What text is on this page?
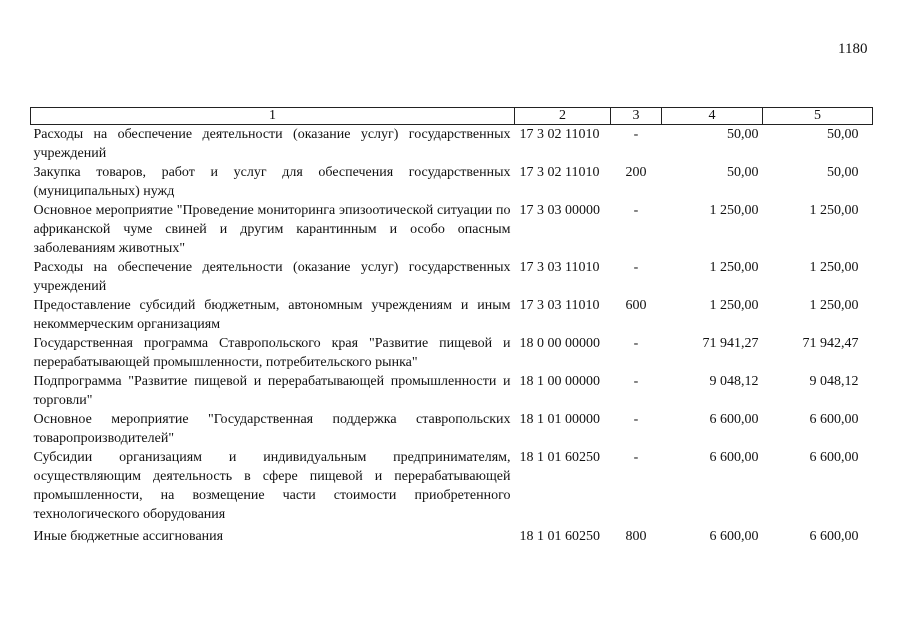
1180
1	2	3	4	5
Расходы на обеспечение деятельности (оказание услуг) государственных учреждений	17 3 02 11010	-	50,00	50,00
Закупка товаров, работ и услуг для обеспечения государственных (муниципальных) нужд	17 3 02 11010	200	50,00	50,00
Основное мероприятие "Проведение мониторинга эпизоотической ситуации по африканской чуме свиней и другим карантинным и особо опасным заболеваниям животных"	17 3 03 00000	-	1 250,00	1 250,00
Расходы на обеспечение деятельности (оказание услуг) государственных учреждений	17 3 03 11010	-	1 250,00	1 250,00
Предоставление субсидий бюджетным, автономным учреждениям и иным некоммерческим организациям	17 3 03 11010	600	1 250,00	1 250,00
Государственная программа Ставропольского края "Развитие пищевой и перерабатывающей промышленности, потребительского рынка"	18 0 00 00000	-	71 941,27	71 942,47
Подпрограмма "Развитие пищевой и перерабатывающей промышленности и торговли"	18 1 00 00000	-	9 048,12	9 048,12
Основное мероприятие "Государственная поддержка ставропольских товаропроизводителей"	18 1 01 00000	-	6 600,00	6 600,00
Субсидии организациям и индивидуальным предпринимателям, осуществляющим деятельность в сфере пищевой и перерабатывающей промышленности, на возмещение части стоимости приобретенного технологического оборудования	18 1 01 60250	-	6 600,00	6 600,00
Иные бюджетные ассигнования	18 1 01 60250	800	6 600,00	6 600,00
